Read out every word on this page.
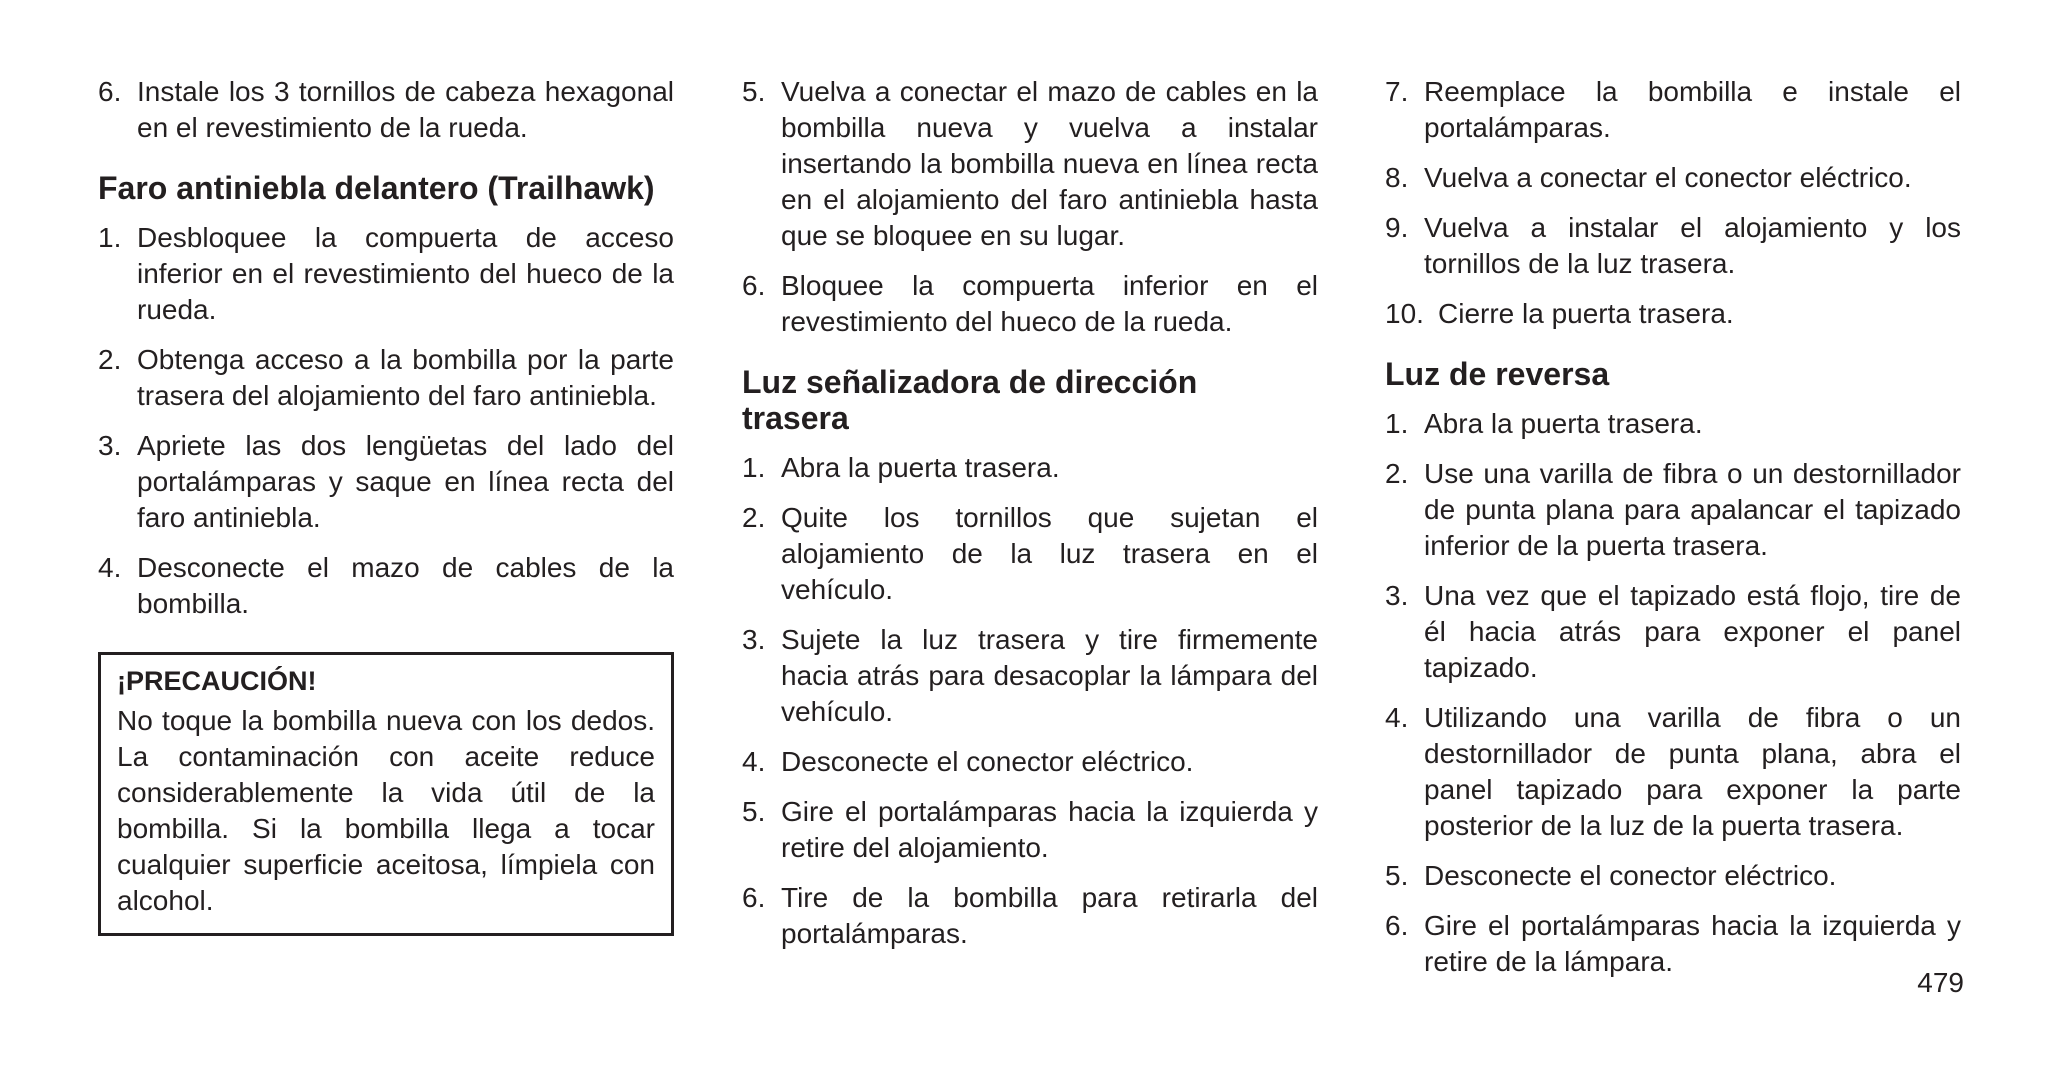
6. Instale los 3 tornillos de cabeza hexagonal en el revestimiento de la rueda.
Faro antiniebla delantero (Trailhawk)
1. Desbloquee la compuerta de acceso inferior en el revestimiento del hueco de la rueda.
2. Obtenga acceso a la bombilla por la parte trasera del alojamiento del faro antiniebla.
3. Apriete las dos lengüetas del lado del portalámparas y saque en línea recta del faro antiniebla.
4. Desconecte el mazo de cables de la bombilla.
¡PRECAUCIÓN!
No toque la bombilla nueva con los dedos. La contaminación con aceite reduce considerablemente la vida útil de la bombilla. Si la bombilla llega a tocar cualquier superficie aceitosa, límpiela con alcohol.
5. Vuelva a conectar el mazo de cables en la bombilla nueva y vuelva a instalar insertando la bombilla nueva en línea recta en el alojamiento del faro antiniebla hasta que se bloquee en su lugar.
6. Bloquee la compuerta inferior en el revestimiento del hueco de la rueda.
Luz señalizadora de dirección trasera
1. Abra la puerta trasera.
2. Quite los tornillos que sujetan el alojamiento de la luz trasera en el vehículo.
3. Sujete la luz trasera y tire firmemente hacia atrás para desacoplar la lámpara del vehículo.
4. Desconecte el conector eléctrico.
5. Gire el portalámparas hacia la izquierda y retire del alojamiento.
6. Tire de la bombilla para retirarla del portalámparas.
7. Reemplace la bombilla e instale el portalámparas.
8. Vuelva a conectar el conector eléctrico.
9. Vuelva a instalar el alojamiento y los tornillos de la luz trasera.
10. Cierre la puerta trasera.
Luz de reversa
1. Abra la puerta trasera.
2. Use una varilla de fibra o un destornillador de punta plana para apalancar el tapizado inferior de la puerta trasera.
3. Una vez que el tapizado está flojo, tire de él hacia atrás para exponer el panel tapizado.
4. Utilizando una varilla de fibra o un destornillador de punta plana, abra el panel tapizado para exponer la parte posterior de la luz de la puerta trasera.
5. Desconecte el conector eléctrico.
6. Gire el portalámparas hacia la izquierda y retire de la lámpara.
479
